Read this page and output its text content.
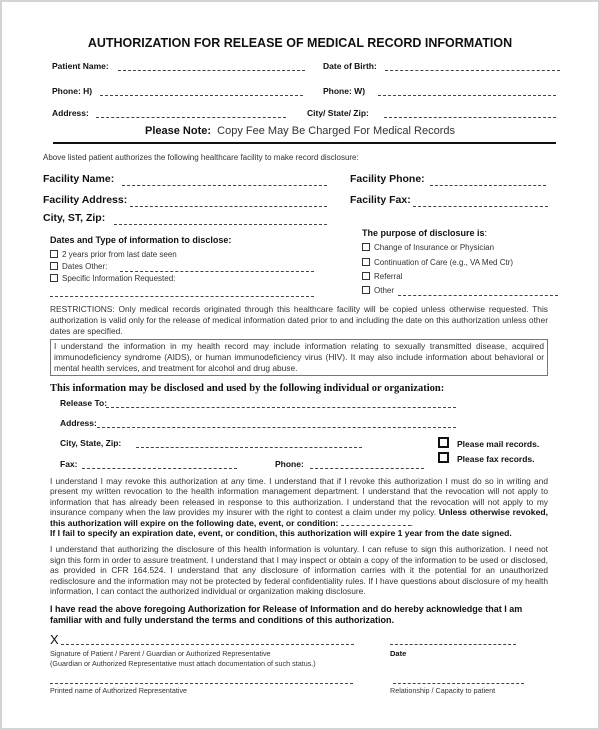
AUTHORIZATION FOR RELEASE OF MEDICAL RECORD INFORMATION
Patient Name:	Date of Birth:
Phone: H)	Phone: W)
Address:	City/ State/ Zip:
Please Note: Copy Fee May Be Charged For Medical Records
Above listed patient authorizes the following healthcare facility to make record disclosure:
Facility Name:	Facility Phone:
Facility Address:	Facility Fax:
City, ST, Zip:
Dates and Type of information to disclose:
2 years prior from last date seen
Dates Other:
Specific Information Requested:
The purpose of disclosure is:
Change of Insurance or Physician
Continuation of Care (e.g., VA Med Ctr)
Referral
Other

RESTRICTIONS: Only medical records originated through this healthcare facility will be copied unless otherwise requested. This authorization is valid only for the release of medical information dated prior to and including the date on this authorization unless other dates are specified.

I understand the information in my health record may include information relating to sexually transmitted disease, acquired immunodeficiency syndrome (AIDS), or human immunodeficiency virus (HIV). It may also include information about behavioral or mental health services, and treatment for alcohol and drug abuse.

This information may be disclosed and used by the following individual or organization:
Release To:
Address:
City, State, Zip:
Fax:	Phone:
Please mail records.
Please fax records.
I understand I may revoke this authorization at any time. I understand that if I revoke this authorization I must do so in writing and present my written revocation to the health information management department. I understand that the revocation will not apply to information that has already been released in response to this authorization. I understand that the revocation will not apply to my insurance company when the law provides my insurer with the right to contest a claim under my policy. Unless otherwise revoked, this authorization will expire on the following date, event, or condition:	.
If I fail to specify an expiration date, event, or condition, this authorization will expire 1 year from the date signed.

I understand that authorizing the disclosure of this health information is voluntary. I can refuse to sign this authorization. I need not sign this form in order to assure treatment. I understand that I may inspect or obtain a copy of the information to be used or disclosed, as provided in CFR 164.524. I understand that any disclosure of information carries with it the potential for an unauthorized redisclosure and the information may not be protected by federal confidentiality rules. If I have questions about disclosure of my health information, I can contact the authorized individual or organization making disclosure.

I have read the above foregoing Authorization for Release of Information and do hereby acknowledge that I am familiar with and fully understand the terms and conditions of this authorization.

X
Signature of Patient / Parent / Guardian or Authorized Representative
(Guardian or Authorized Representative must attach documentation of such status.)
Date
Printed name of Authorized Representative	Relationship / Capacity to patient
